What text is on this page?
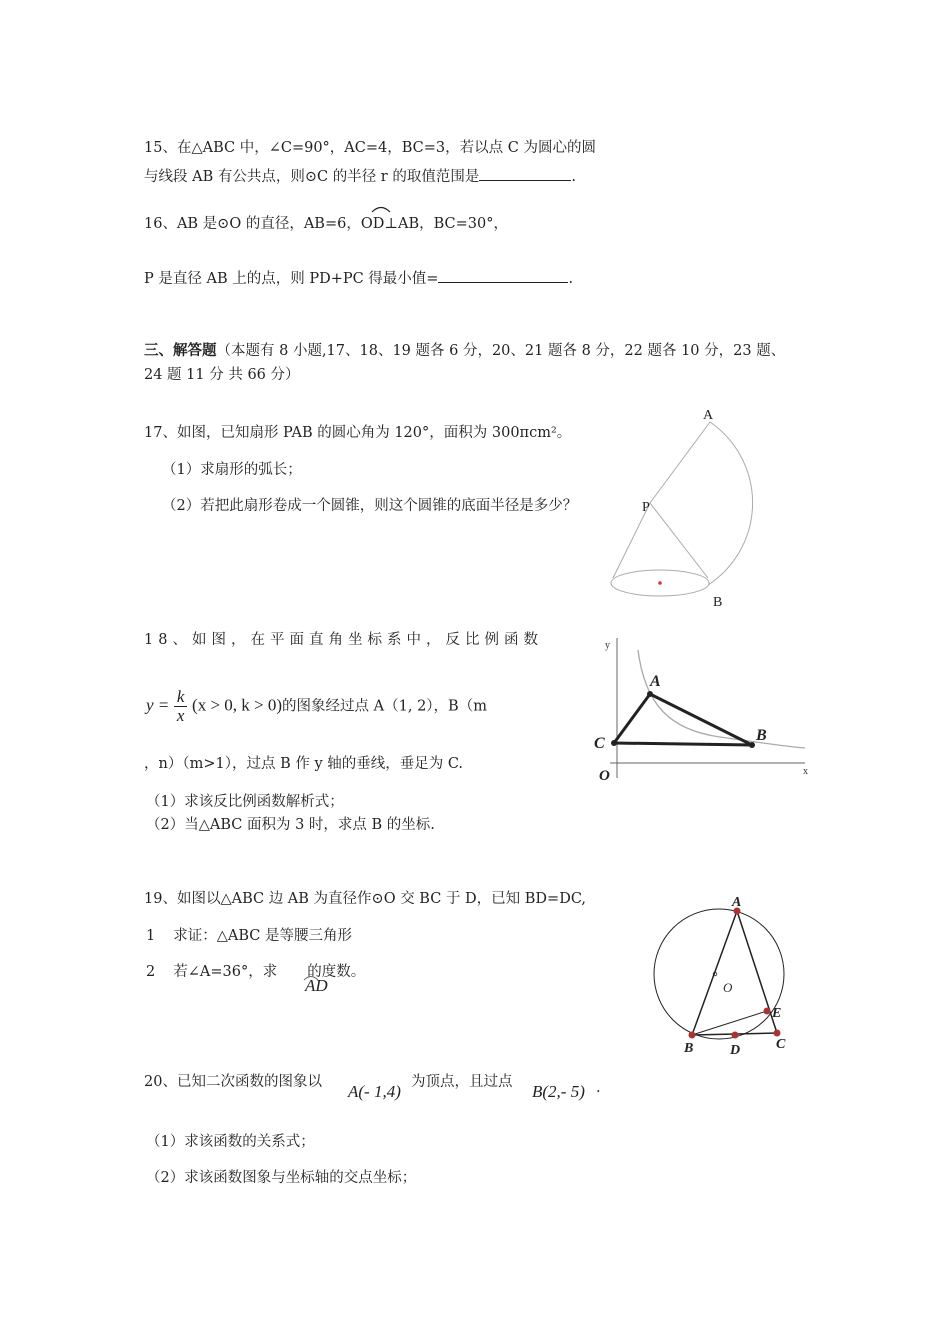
15、在△ABC 中，∠C=90°，AC=4，BC=3，若以点 C 为圆心的圆
与线段 AB 有公共点，则⊙C 的半径 r 的取值范围是	.
16、AB 是⊙O 的直径，AB=6，OD⊥AB，BC=30°，
P 是直径 AB 上的点，则 PD+PC 得最小值=	.
三、解答题（本题有 8 小题,17、18、19 题各 6 分，20、21 题各 8 分，22 题各 10 分，23 题、
24 题 11 分 共 66 分）
17、如图，已知扇形 PAB 的圆心角为 120°，面积为 300πcm²。
（1）求扇形的弧长；
（2）若把此扇形卷成一个圆锥，则这个圆锥的底面半径是多少？
A
P
B
18、如图，在平面直角坐标系中，反比例函数
$y = \frac{k}{x} (x > 0$, k > 0)的图象经过点 A（1, 2），B（m
，n）（m>1），过点 B 作 y 轴的垂线，垂足为 C.
（1）求该反比例函数解析式；
（2）当△ABC 面积为 3 时，求点 B 的坐标.
y
x
A
B
C
O
19、如图以△ABC 边 AB 为直径作⊙O 交 BC 于 D，已知 BD=DC,
1 求证：△ABC 是等腰三角形
2 若∠A=36°，求 的度数。
AD
A
O
E
B	D	C
20、已知二次函数的图象以 A(- 1,4) 为顶点，且过点 B(2,- 5) .
（1）求该函数的关系式；
（2）求该函数图象与坐标轴的交点坐标；
